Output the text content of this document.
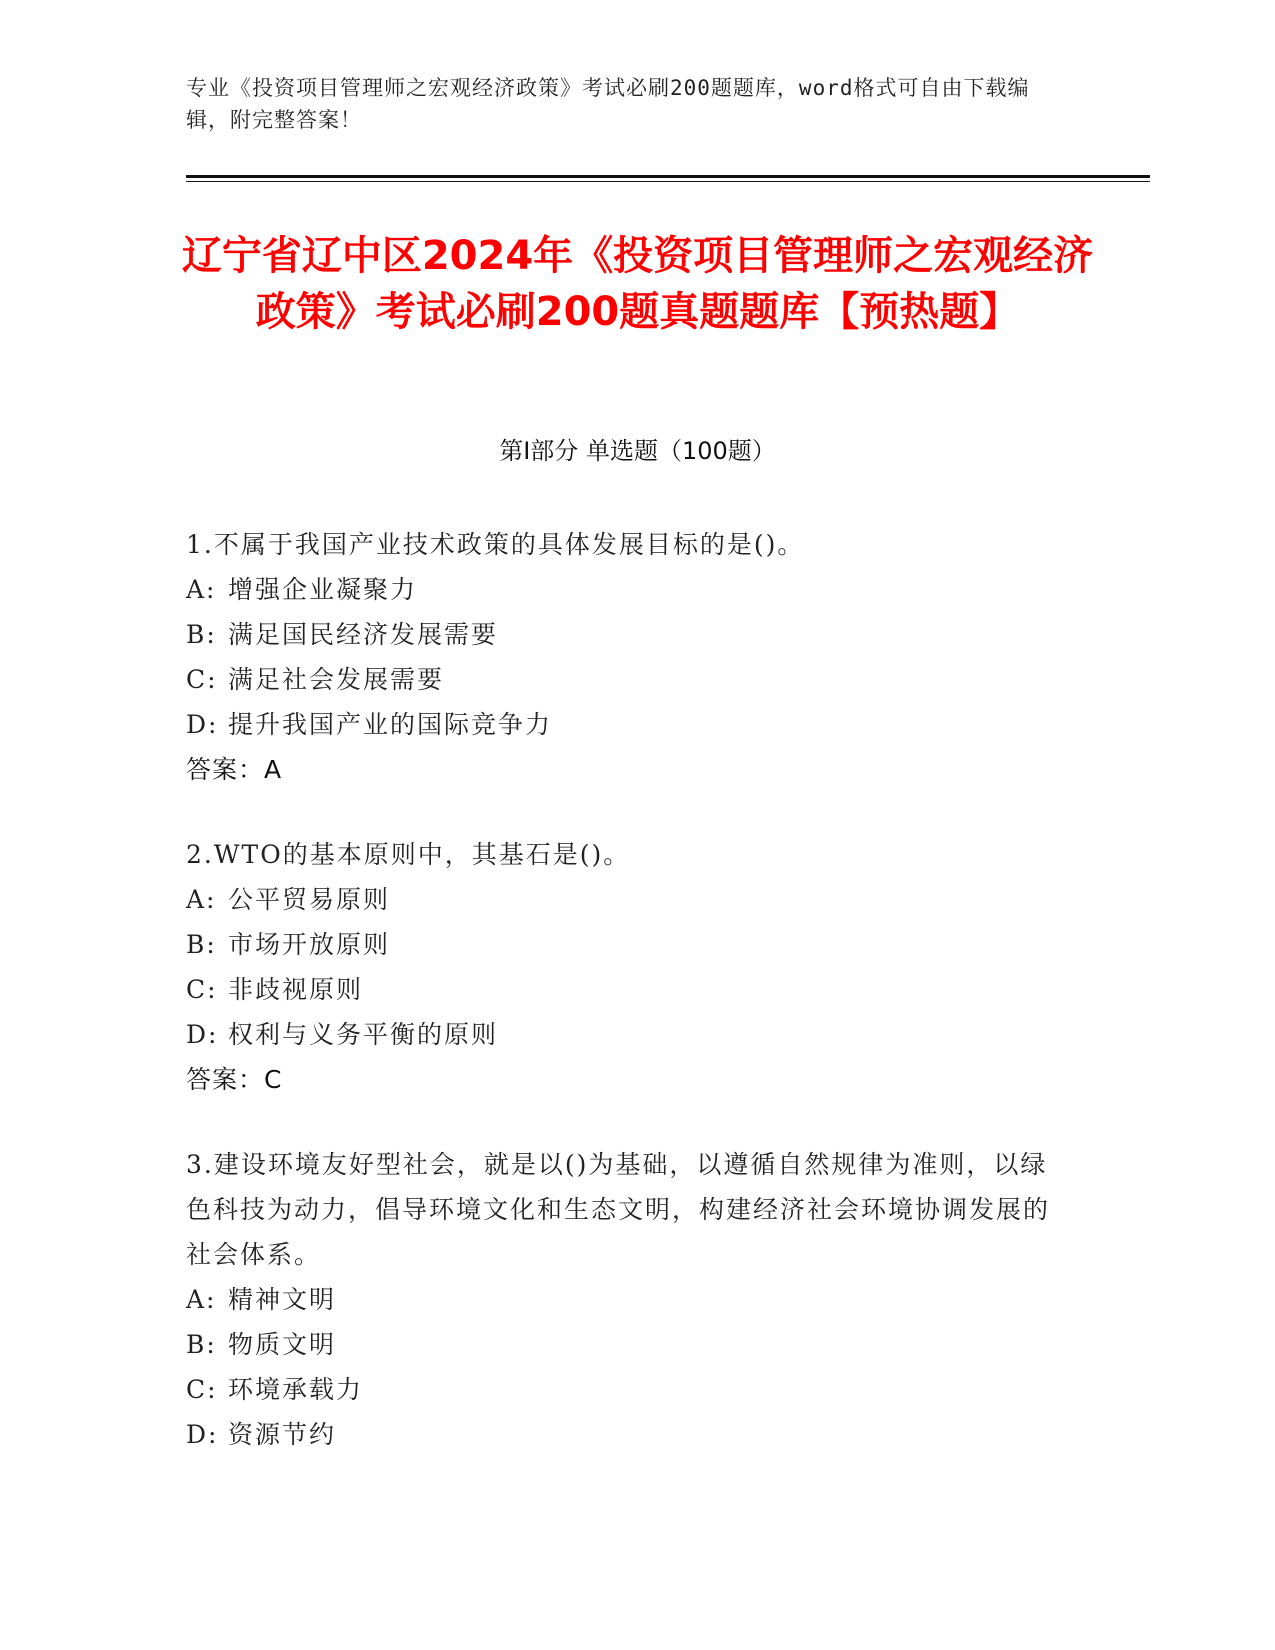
专业《投资项目管理师之宏观经济政策》考试必刷200题题库，word格式可自由下载编辑，附完整答案！
辽宁省辽中区2024年《投资项目管理师之宏观经济政策》考试必刷200题真题题库【预热题】
第I部分 单选题（100题）
1.不属于我国产业技术政策的具体发展目标的是()。
A: 增强企业凝聚力
B: 满足国民经济发展需要
C: 满足社会发展需要
D: 提升我国产业的国际竞争力
答案：A
2.WTO的基本原则中，其基石是()。
A: 公平贸易原则
B: 市场开放原则
C: 非歧视原则
D: 权利与义务平衡的原则
答案：C
3.建设环境友好型社会，就是以()为基础，以遵循自然规律为准则，以绿色科技为动力，倡导环境文化和生态文明，构建经济社会环境协调发展的社会体系。
A: 精神文明
B: 物质文明
C: 环境承载力
D: 资源节约
